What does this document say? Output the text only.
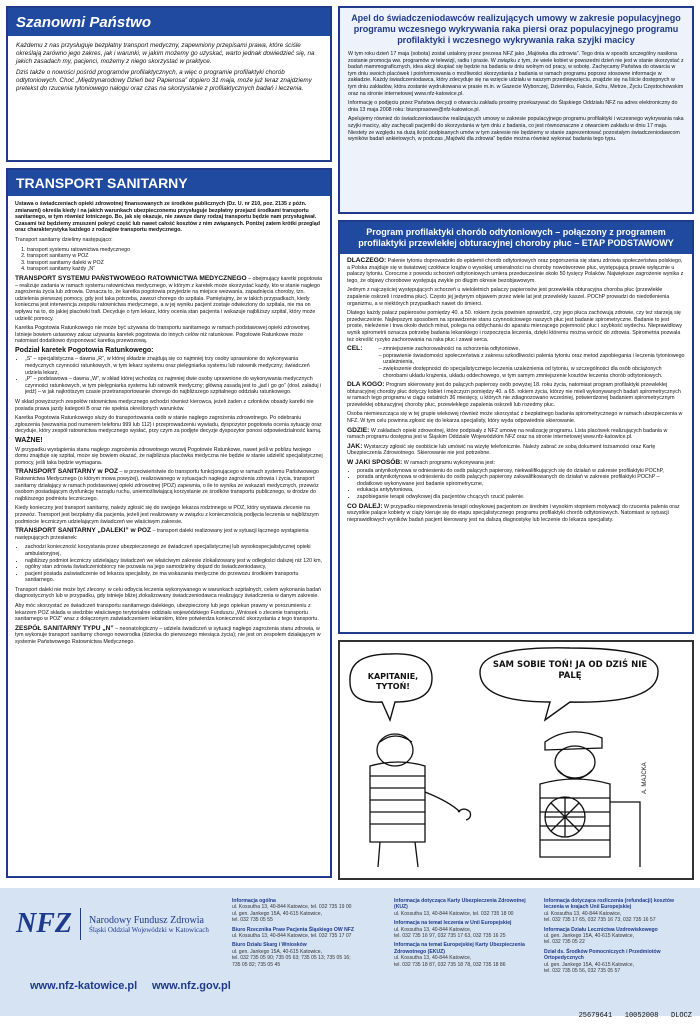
Szanowni Państwo

Każdemu z nas przysługuje bezpłatny transport medyczny, zapewniony przepisami prawa, które ściśle określają zarówno jego zakres, jak i warunki, w jakim możemy go uzyskać, warto jednak dowiedzieć się, na jakich zasadach my, pacjenci, możemy z niego skorzystać w praktyce.

Dziś także o nowości pośród programów profilaktycznych, a więc o programie profilaktyki chorób odtytoniowych. Choć „Międzynarodowy Dzień bez Papierosa” dopiero 31 maja, może już teraz znajdziemy pretekst do rzucenia tytoniowego nałogu oraz czas na skorzystanie z profilaktycznych badań i leczenia.

TRANSPORT SANITARNY

Ustawa o świadczeniach opieki zdrowotnej finansowanych ze środków publicznych (Dz. U. nr 210, poz. 2135 z późn. zmianami) określa kiedy i na jakich warunkach ubezpieczonemu przysługuje bezpłatny przejazd środkami transportu sanitarnego, w tym również lotniczego. Bo, jak się okazuje, nie zawsze dany rodzaj transportu będzie nam przysługiwał. Czasami też będziemy zmuszeni pokryć część lub nawet całość kosztów z nim związanych. Poniżej zatem krótki przegląd oraz charakterystyka każdego z rodzajów transportu medycznego.

Transport sanitarny dzielimy następująco:

1. transport systemu ratownictwa medycznego
2. transport sanitarny w POZ
3. transport sanitarny daleki w POZ
4. transport sanitarny każdy „N”

TRANSPORT SYSTEMU PAŃSTWOWEGO RATOWNICTWA MEDYCZNEGO – obejmujący karetki pogotowia – realizuje zadania w ramach systemu ratownictwa medycznego, w którym z karetek może skorzystać każdy, kto w stanie nagłego zagrożenia życia lub zdrowia. Oznacza to, że karetka pogotowia przyjedzie na miejsce wezwania, zapadnięcia choroby, tzn. udzielenia pierwszej pomocy, gdy jest taka potrzeba, zawozi chorego do szpitala. Pamiętajmy, że w takich przypadkach, kiedy konieczna jest interwencja zespołu ratownictwa medycznego, a w jej wyniku pacjent zostaje odwieziony do szpitala, nie ma on wpływu na to, do jakiej placówki trafi. Decyduje o tym lekarz, który ocenia stan pacjenta i wskazuje najbliższy szpital, który może udzielić pomocy.

Karetka Pogotowia Ratunkowego nie może być używana do transportu sanitarnego w ramach podstawowej opieki zdrowotnej. Istnieje bowiem ustawowy zakaz używania karetek pogotowia do innych celów niż ratunkowe. Pogotowie Ratunkowe może natomiast dodatkowo dysponować karetką przewozową.

Podział karetek Pogotowia Ratunkowego:
• „S” – specjalistyczna – dawna „R”, w której składzie znajdują się co najmniej trzy osoby uprawnione do wykonywania medycznych czynności ratunkowych, w tym lekarz systemu oraz pielęgniarka systemu lub ratownik medyczny; świadczeń udziela lekarz,
• „P” – podstawowa – dawna „W”, w skład której wchodzą co najmniej dwie osoby uprawnione do wykonywania medycznych czynności ratunkowych, w tym pielęgniarka systemu lub ratownik medyczny; główną zasadą jest to „jad i go go” (dosł. załaduj i jedź) – w jak najkrótszym czasie przetransportowanie chorego do najbliższego szpitalnego oddziału ratunkowego.

W skład powyższych zespołów ratownictwa medycznego wchodzi również kierowca, jeżeli żaden z członków obsady karetki nie posiada prawa jazdy kategorii B oraz nie spełnia określonych warunków.

Karetka Pogotowia Ratunkowego służy do transportowania osób w stanie nagłego zagrożenia zdrowotnego. Po odebraniu zgłoszenia (wezwania pod numerem telefonu 999 lub 112) i przeprowadzeniu wywiadu, dyspozytor pogotowia ocenia sytuację oraz decyduje, który zespół ratownictwa medycznego wysłać, przy czym za podjęte decyzje dyspozytor ponosi odpowiedzialność karną.

WAŻNE!

W przypadku wystąpienia stanu nagłego zagrożenia zdrowotnego wezwij Pogotowie Ratunkowe, nawet jeśli w poblizu twojego domu znajduje się szpital, może się bowiem okazać, że najbliższa placówka medyczna nie będzie w stanie udzielić specjalistycznej pomocy, jeśli taka będzie wymagana.

TRANSPORT SANITARNY w POZ – w przeciwieństwie do transportu funkcjonującego w ramach systemu Państwowego Ratownictwa Medycznego (o którym mowa powyżej), realizowanego w sytuacjach nagłego zagrożenia zdrowia i życia, transport sanitarny działający w ramach podstawowej opieki zdrowotnej (POZ) zapewnia, o ile to wynika ze wskazań medycznych, przewóz osobom posiadającym dysfunkcję narządu ruchu, uniemożliwiającą korzystanie ze środków transportu publicznego, w drodze do najbliższego podmiotu leczniczego.

Kiedy konieczny jest transport sanitarny, należy zgłosić się do swojego lekarza rodzinnego w POZ, który wystawia zlecenie na przewóz. Transport jest bezpłatny dla pacjenta, jeżeli jest realizowany w związku z koniecznością podjęcia leczenia w najbliższym podmiocie leczniczym udzielającym świadczeń we właściwym zakresie.

TRANSPORT SANITARNY „DALEKI” w POZ – transport daleki realizowany jest w sytuacji łącznego wystąpienia następujących przesłanek:

• zachodzi konieczność korzystania przez ubezpieczonego ze świadczeń specjalistycznej lub wysokospecjalistycznej opieki ambulatoryjnej,
• najbliższy podmiot leczniczy udzielający świadczeń we właściwym zakresie zlokalizowany jest w odległości dalszej niż 120 km,
• ogólny stan zdrowia świadczeniobiorcy nie pozwala na jego samodzielny dojazd do świadczeniodawcy,
• pacjent posiada zaświadczenie od lekarza specjalisty, że ma wskazania medyczne do przewozu środkiem transportu sanitarnego.

Transport daleki nie może być zlecony: w celu odbycia leczenia wykonywanego w warunkach szpitalnych, celem wykonania badań diagnostycznych lub w przypadku, gdy istnieje bliżej zlokalizowany świadczeniodawca realizujący świadczenia w danym zakresie.

Aby móc skorzystać ze świadczeń transportu sanitarnego dalekiego, ubezpieczony lub jego opiekun prawny w porozumieniu z lekarzem POZ składa w siedzibie właściwego terytorialnie oddziału wojewódzkiego Funduszu „Wniosek o zlecenie transportu sanitarnego w POZ” wraz z dołączonym zaświadczeniem lekarskim, które potwierdza konieczność skorzystania z tego transportu.

ZESPÓŁ SANITARNY TYPU „N” – neonatologiczny – udziela świadczeń w sytuacji nagłego zagrożenia stanu zdrowia, w tym wykonuje transport sanitarny chorego noworodka (dziecka do pierwszego miesiąca życia); nie jest on zespołem działającym w systemie Państwowego Ratownictwa Medycznego.

Apel do świadczeniodawców realizujących umowy w zakresie populacyjnego programu wczesnego wykrywania raka piersi oraz populacyjnego programu profilaktyki i wczesnego wykrywania raka szyjki macicy

W tym roku dzień 17 maja (sobota) został ustalony przez prezesa NFZ jako „Majówka dla zdrowia”. Tego dnia w sposób szczególny nasilona zostanie promocja ww. programów w telewizji, radiu i prasie. W związku z tym, że wiele kobiet w powszedni dzień nie jest w stanie skorzystać z badań mammograficznych, idea akcji skupiać się będzie na badaniu w dniu wolnym od pracy, w sobotę. Zachęcamy Państwa do otwarcia w tym dniu swoich placówek i poinformowania o możliwości skorzystania z badania w ramach programu poprzez stosowne informacje w zakładzie. Każdy świadczeniodawca, który zdecyduje się na wzięcie udziału w naszym przedsięwzięciu, znajdzie się na liście dostępnych w tym dniu zakładów, która zostanie wydrukowana w prasie m.in. w Gazecie Wyborczej, Dzienniku, Fakcie, Echu, Metrze, Życiu Częstochowskim oraz na stronie internetowej www.nfz-katowice.pl.

Informację o podjęciu przez Państwa decyzji o otwarciu zakładu prosimy przekazywać do Śląskiego Oddziału NFZ na adres elektroniczny do dnia 13 maja 2008 roku: biuroprasowe@nfz-katowice.pl.

Apelujemy również do świadczeniodawców realizujących umowy w zakresie populacyjnego programu profilaktyki i wczesnego wykrywania raka szyjki macicy, aby zachęcali pacjentki do skorzystania w tym dniu z badania, co jest równoznaczne z otwarciem zakładu w dniu 17 maja. Niestety ze względu na dużą ilość podpisanych umów w tym zakresie nie będziemy w stanie zaprezentować pozostałym świadczeniodawcom wyników badań ankietowych, w podczas „Majówki dla zdrowia” będzie można również wykonać badania tego typu.

Program profilaktyki chorób odtytoniowych – połączony z programem profilaktyki przewlekłej obturacyjnej choroby płuc – ETAP PODSTAWOWY

DLACZEGO: Palenie tytoniu doprowadziło do epidemii chorób odtytoniowych oraz pogorszenia się stanu zdrowia społeczeństwa polskiego, a Polska znajduje się w światowej czołówce krajów o wysokiej umieralności na choroby nowotworowe płuc, występującą prawie wyłącznie u palaczy tytoniu. Coroczne z powodu schorzeń odtytoniowych umiera przedwcześnie około 50 tysięcy Polaków. Największe zagrożenie wynika z tego, że objawy chorobowe występują zwykle po długim okresie bezobjawowym.

Jednym z najczęściej występujących schorzeń u wieloletnich palaczy papierosów jest przewlekła obturacyjna choroba płuc (przewlekłe zapalenie oskrzeli i rozedma płuc). Często jej jedynym objawem przez wiele lat jest przewlekły kaszel. POChP prowadzi do niedotlenienia organizmu, a w niektórych przypadkach nawet do śmierci.

Dlatego każdy palacz papierosów pomiędzy 40. a 50. rokiem życia powinien sprawdzić, czy jego płuca zachowują zdrowie, czy też starzeją się przedwcześnie. Najlepszym sposobem na sprawdzenie stanu czynnościowego naszych płuc jest badanie spirometryczne. Badanie to jest proste, nieleżenie i trwa około dwóch minut, polega na oddychaniu do aparatu mierzącego pojemność płuc i szybkość wydechu. Nieprawidłowy wynik spirometrii oznacza potrzebę badania lekarskiego i rozpoczęcia leczenia, dzięki któremu można wrócić do zdrowia. Spirometria pozwala też określić ryzyko zachorowania na raka płuc i zawał serca.

CEL:
–	zmniejszenie zachorowalności na schorzenia odtytoniowe,
– poprawienie świadomości społeczeństwa z zakresu szkodliwości palenia tytoniu oraz metod zapobiegania i leczenia tytoniowego uzależnienia,
– zwiększenie dostępności do specjalistycznego leczenia uzależnienia od tytoniu, w szczególności dla osób obciążonych chorobami układu krążenia, układu oddechowego, w tym samym zmniejszenie kosztów leczenia chorób odtytoniowych.

DLA KOGO: Program skierowany jest do palących papierosy osób powyżej 18. roku życia, natomiast program profilaktyki przewlekłej obturacyjnej choroby płuc dotyczy kobiet i mężczyzn pomiędzy 40. a 65. rokiem życia, którzy nie mieli wykonywanych badań spirometrycznych w ramach tego programu w ciągu ostatnich 36 miesięcy, u których nie zdiagnozowano wcześniej, potwierdzonej badaniem spirometrycznym przewlekłej obturacyjnej choroby płuc, przewlekłego zapalenia oskrzeli lub rozedmy płuc.

Osoba niemieszcząca się w tej grupie wiekowej również może skorzystać z bezpłatnego badania spirometrycznego w ramach ubezpieczenia w NFZ. W tym celu powinna zgłosić się do lekarza specjalisty, który wyda odpowiednie skierowanie.

GDZIE: W zakładach opieki zdrowotnej, które podpisały z NFZ umowę na realizację programu. Lista placówek realizujących badania w ramach programu dostępna jest w Śląskim Oddziale Wojewódzkim NFZ oraz na stronie internetowej www.nfz-katowice.pl.

JAK: Wystarczy zgłosić się osobiście lub umówić na wizytę telefonicznie. Należy zabrać ze sobą dokument tożsamości oraz Kartę Ubezpieczenia Zdrowotnego. Skierowanie nie jest potrzebne.

W JAKI SPOSÓB: W ramach programu wykonywana jest:

• porada antynikotynowa w odniesieniu do osób palących papierosy, niekwalifikujących się do działań w zakresie profilaktyki POChP,
• porada antynikotynowa w odniesieniu do osób palących papierosy zakwalifikowanych do działań w zakresie profilaktyki POChP – dodatkowo wykonywane jest badanie spirometryczne,
• edukacja antytytoniowa,
• zapobieganie terapii odwykowej dla pacjentów chcących rzucić palenie.

CO DALEJ: W przypadku niepowodzenia terapii odwykowej pacjentom ze średnim i wysokim stopniem motywacji do rzucenia palenia oraz wszystkie palące kobiety w ciąży kieruje się do etapu specjalistycznego programu profilaktyki chorób odtytoniowych. Natomiast w sytuacji nieprawidłowych wyników badań pacjent kierowany jest na dalszą diagnostykę lub leczenie do lekarza specjalisty.

KAPITANIE, TYTOŃ!
SAM SOBIE TOŃ! JA OD DZIŚ NIE PALĘ
A. MAJCKA
NFZ Narodowy Fundusz Zdrowia
Śląski Oddział Wojewódzki w Katowicach
www.nfz-katowice.pl www.nfz.gov.pl
Informacja ogólna
ul. Kossutha 13, 40-844 Katowice, tel. 032 735 19 00
ul. gen. Jankego 15A, 40-615 Katowice,
tel. 032 735 05 55
Biuro Rzecznika Praw Pacjenta Śląskiego OW NFZ
ul. Kossutha 13, 40-844 Katowice, tel. 032 735 17 07
Biuro Działu Skarg i Wniosków
ul. gen. Jankego 15A, 40-615 Katowice,
tel. 032 735 05 90; 735 05 63; 735 05 13; 735 05 16;
735 05 82; 735 05 45
Informacja dotycząca Karty Ubezpieczenia Zdrowotnej (KUZ)
ul. Kossutha 13, 40-844 Katowice, tel. 032 735 18 00
Informacja na temat leczenia w Unii Europejskiej
ul. Kossutha 13, 40-844 Katowice,
tel. 032 735 16 97, 032 735 17 63, 032 735 16 25
Informacja na temat Europejskiej Karty Ubezpieczenia Zdrowotnego (EKUZ)
ul. Kossutha 13, 40-844 Katowice,
tel. 032 735 18 87, 032 735 18 78, 032 735 18 86
Informacja dotycząca rozliczenia (refundacji) kosztów leczenia w krajach Unii Europejskiej
ul. Kossutha 13, 40-844 Katowice,
tel. 032 735 17 65, 032 735 16 73, 032 735 16 57
Informacja Działu Lecznictwa Uzdrowiskowego
ul. gen. Jankego 15A, 40-615 Katowice,
tel. 032 735 05 22
Dział ds. Środków Pomocniczych i Przedmiotów Ortopedycznych
ul. gen. Jankego 15A, 40-615 Katowice,
tel. 032 735 05 56, 032 735 05 57
25679641   10052008   DLOCZ
